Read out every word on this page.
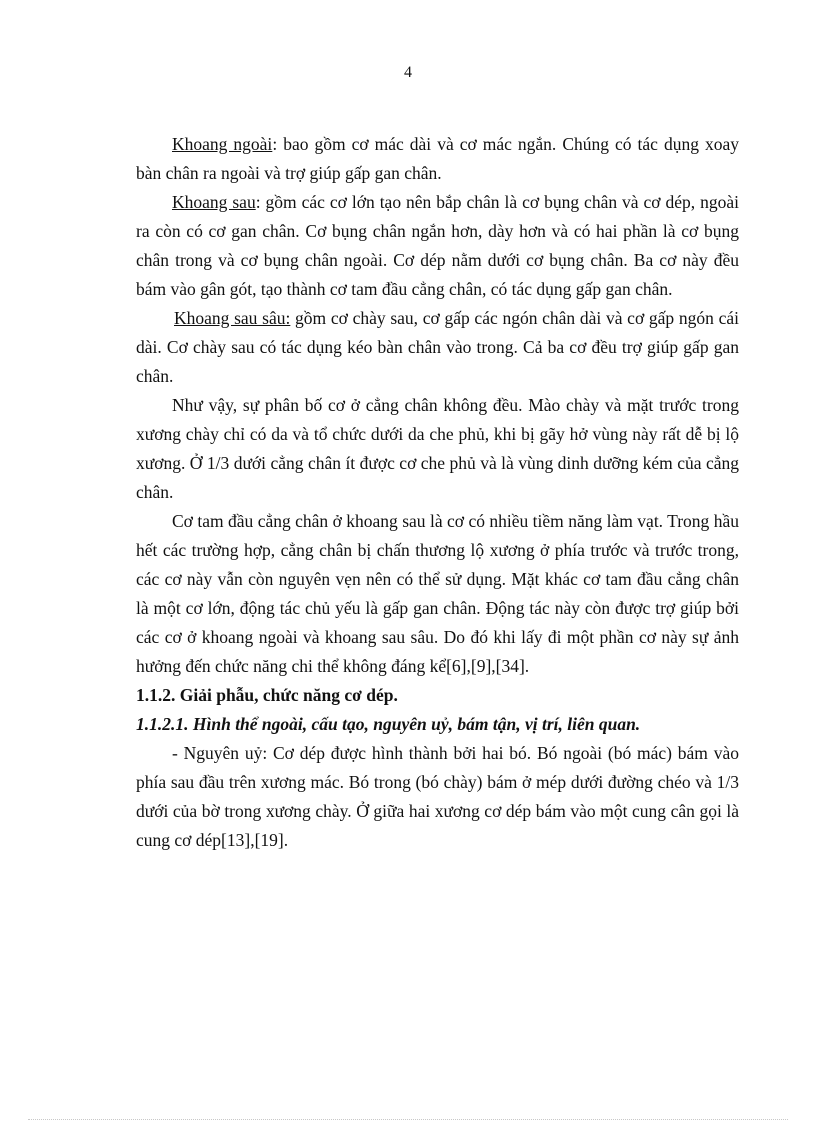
4

Khoang ngoài: bao gồm cơ mác dài và cơ mác ngắn. Chúng có tác dụng xoay bàn chân ra ngoài và trợ giúp gấp gan chân.

Khoang sau: gồm các cơ lớn tạo nên bắp chân là cơ bụng chân và cơ dép, ngoài ra còn có cơ gan chân. Cơ bụng chân ngắn hơn, dày hơn và có hai phần là cơ bụng chân trong và cơ bụng chân ngoài. Cơ dép nằm dưới cơ bụng chân. Ba cơ này đều bám vào gân gót, tạo thành cơ tam đầu cẳng chân, có tác dụng gấp gan chân.

Khoang sau sâu: gồm cơ chày sau, cơ gấp các ngón chân dài và cơ gấp ngón cái dài. Cơ chày sau có tác dụng kéo bàn chân vào trong. Cả ba cơ đều trợ giúp gấp gan chân.

Như vậy, sự phân bố cơ ở cẳng chân không đều. Mào chày và mặt trước trong xương chày chỉ có da và tổ chức dưới da che phủ, khi bị gãy hở vùng này rất dễ bị lộ xương. Ở 1/3 dưới cẳng chân ít được cơ che phủ và là vùng dinh dưỡng kém của cẳng chân.

Cơ tam đầu cẳng chân ở khoang sau là cơ có nhiều tiềm năng làm vạt. Trong hầu hết các trường hợp, cẳng chân bị chấn thương lộ xương ở phía trước và trước trong, các cơ này vẫn còn nguyên vẹn nên có thể sử dụng. Mặt khác cơ tam đầu cẳng chân là một cơ lớn, động tác chủ yếu là gấp gan chân. Động tác này còn được trợ giúp bởi các cơ ở khoang ngoài và khoang sau sâu. Do đó khi lấy đi một phần cơ này sự ảnh hưởng đến chức năng chi thể không đáng kể[6],[9],[34].

1.1.2. Giải phẫu, chức năng cơ dép.

1.1.2.1. Hình thể ngoài, cấu tạo, nguyên uỷ, bám tận, vị trí, liên quan.

- Nguyên uỷ: Cơ dép được hình thành bởi hai bó. Bó ngoài (bó mác) bám vào phía sau đầu trên xương mác. Bó trong (bó chày) bám ở mép dưới đường chéo và 1/3 dưới của bờ trong xương chày. Ở giữa hai xương cơ dép bám vào một cung cân gọi là cung cơ dép[13],[19].
